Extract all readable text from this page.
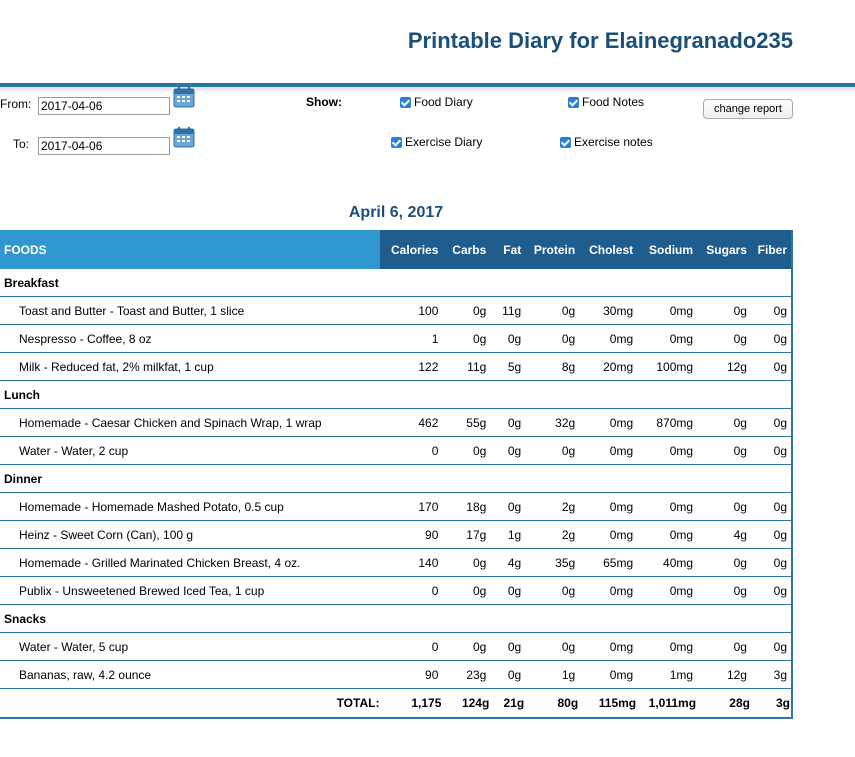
Printable Diary for Elainegranado235
From: 2017-04-06
To: 2017-04-06
Show:	Food Diary	Food Notes
Exercise Diary	Exercise notes
change report
April 6, 2017
FOODS	Calories	Carbs	Fat	Protein	Cholest	Sodium	Sugars	Fiber
Breakfast								
Toast and Butter - Toast and Butter, 1 slice	100	0g	11g	0g	30mg	0mg	0g	0g
Nespresso - Coffee, 8 oz	1	0g	0g	0g	0mg	0mg	0g	0g
Milk - Reduced fat, 2% milkfat, 1 cup	122	11g	5g	8g	20mg	100mg	12g	0g
Lunch								
Homemade - Caesar Chicken and Spinach Wrap, 1 wrap	462	55g	0g	32g	0mg	870mg	0g	0g
Water - Water, 2 cup	0	0g	0g	0g	0mg	0mg	0g	0g
Dinner								
Homemade - Homemade Mashed Potato, 0.5 cup	170	18g	0g	2g	0mg	0mg	0g	0g
Heinz - Sweet Corn (Can), 100 g	90	17g	1g	2g	0mg	0mg	4g	0g
Homemade - Grilled Marinated Chicken Breast, 4 oz.	140	0g	4g	35g	65mg	40mg	0g	0g
Publix - Unsweetened Brewed Iced Tea, 1 cup	0	0g	0g	0g	0mg	0mg	0g	0g
Snacks								
Water - Water, 5 cup	0	0g	0g	0g	0mg	0mg	0g	0g
Bananas, raw, 4.2 ounce	90	23g	0g	1g	0mg	1mg	12g	3g
TOTAL:	1,175	124g	21g	80g	115mg	1,011mg	28g	3g
